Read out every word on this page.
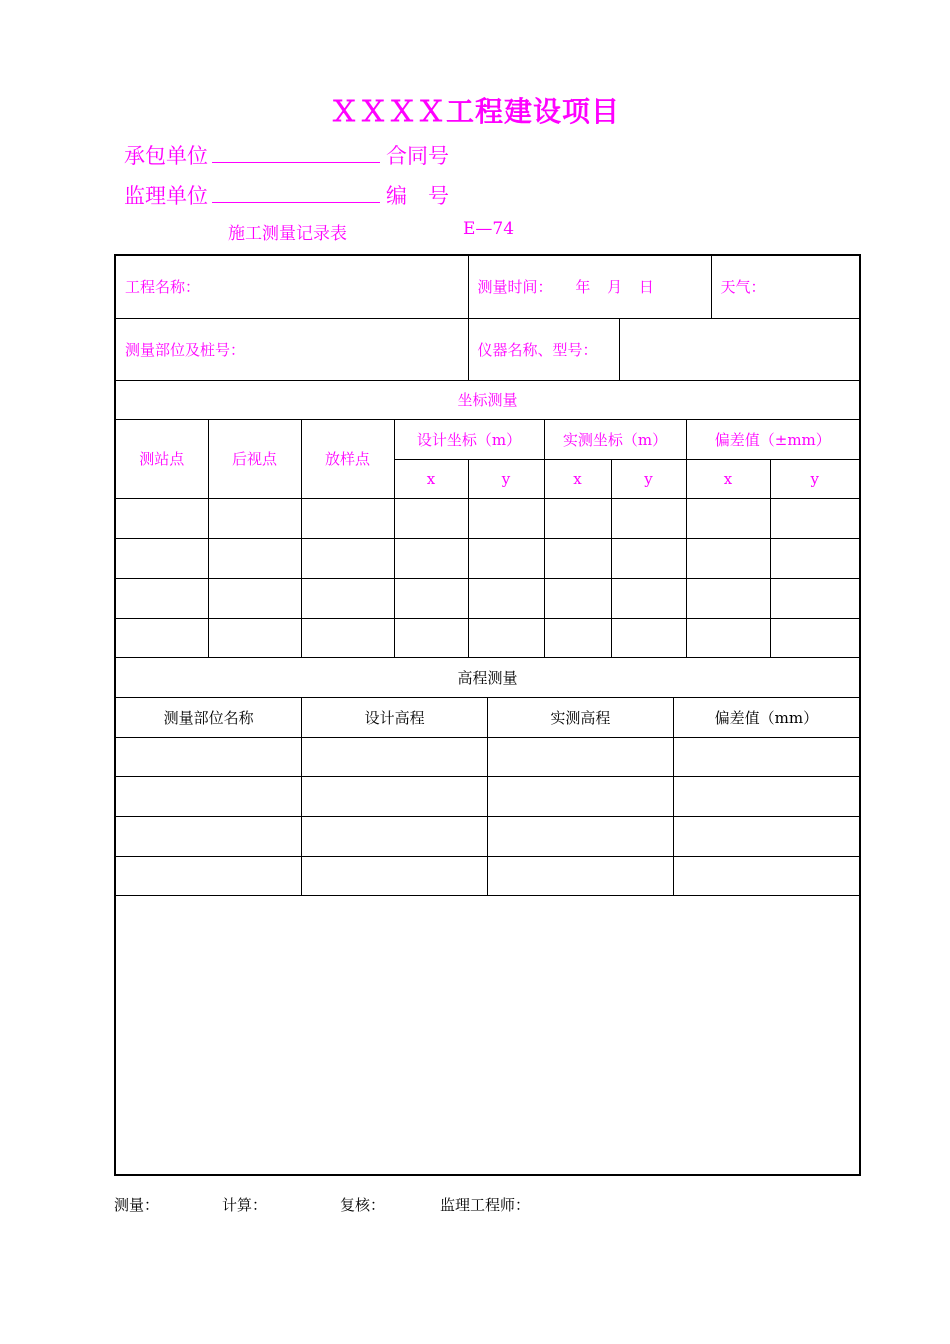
ＸＸＸＸ工程建设项目
承包单位	合同号
监理单位	编　号
施工测量记录表	E—74
工程名称：		测量时间： 年 月 日	天气：

测量部位及桩号：		仪器名称、型号：	

坐标测量
测站点	后视点	放样点	设计坐标（m）	实测坐标（m）	偏差值（±mm）
x	y	x	y	x	y

高程测量

测量部位名称	设计高程	实测高程	偏差值（mm）

测量：	计算：	复核：	监理工程师：
